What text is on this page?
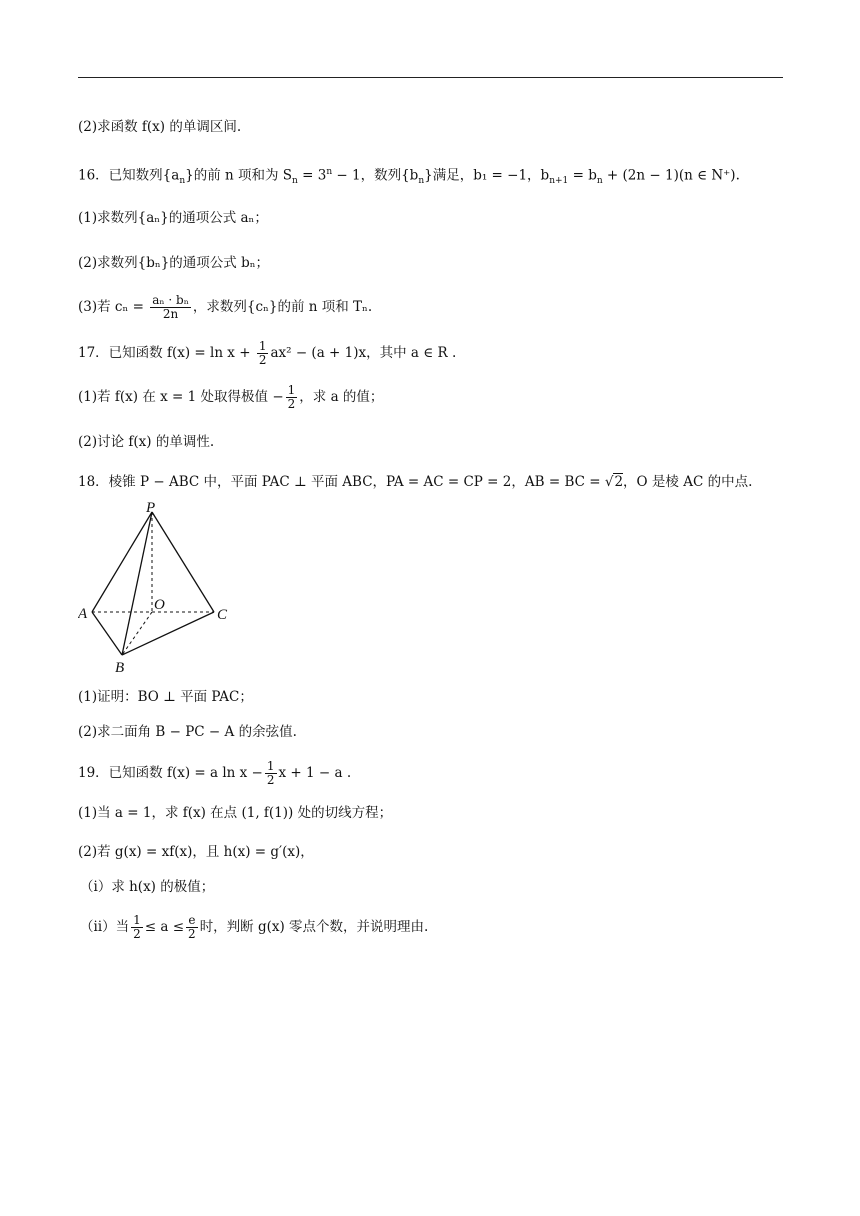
(2)求函数 f(x) 的单调区间.
16．已知数列$\{a_n\}$的前 n 项和为 $S_n = 3^n - 1$，数列$\{b_n\}$满足，b₁ = −1，$b_{n+1} = b_n + (2n - 1)(n$ ∈ N⁺).
(1)求数列{aₙ}的通项公式 aₙ；
(2)求数列{bₙ}的通项公式 bₙ；
(3)若 $c_n = \frac{\text{aₙ · bₙ}}{2n}$ ，求数列{cₙ}的前 n 项和 Tₙ.
17．已知函数 $f(x) = \ln x + \frac{1}{2} ax^2 - (a + 1)x$，其中 a ∈ R .
(1)若 f(x) 在 x = 1 处取得极值 − $\frac{1}{2}$ ，求 a 的值；
(2)讨论 f(x) 的单调性.
18．棱锥 P − ABC 中，平面 PAC ⊥ 平面 ABC，PA = AC = CP = 2，AB = BC = √2，O 是棱 AC 的中点.
P
A
O
C
B
(1)证明：BO ⊥ 平面 PAC；
(2)求二面角 B − PC − A 的余弦值.
19．已知函数 f(x) = a $\ln x - \frac{1}{2}$ x + 1 − a .
(1)当 a = 1，求 f(x) 在点 (1, f(1)) 处的切线方程；
(2)若 g(x) = xf(x)，且 h(x) = g′(x)，
（ⅰ）求 h(x) 的极值；
（ⅱ）当 $\frac{1}{2} \le a \le \frac{e}{2}$ 时，判断 g(x) 零点个数，并说明理由.
